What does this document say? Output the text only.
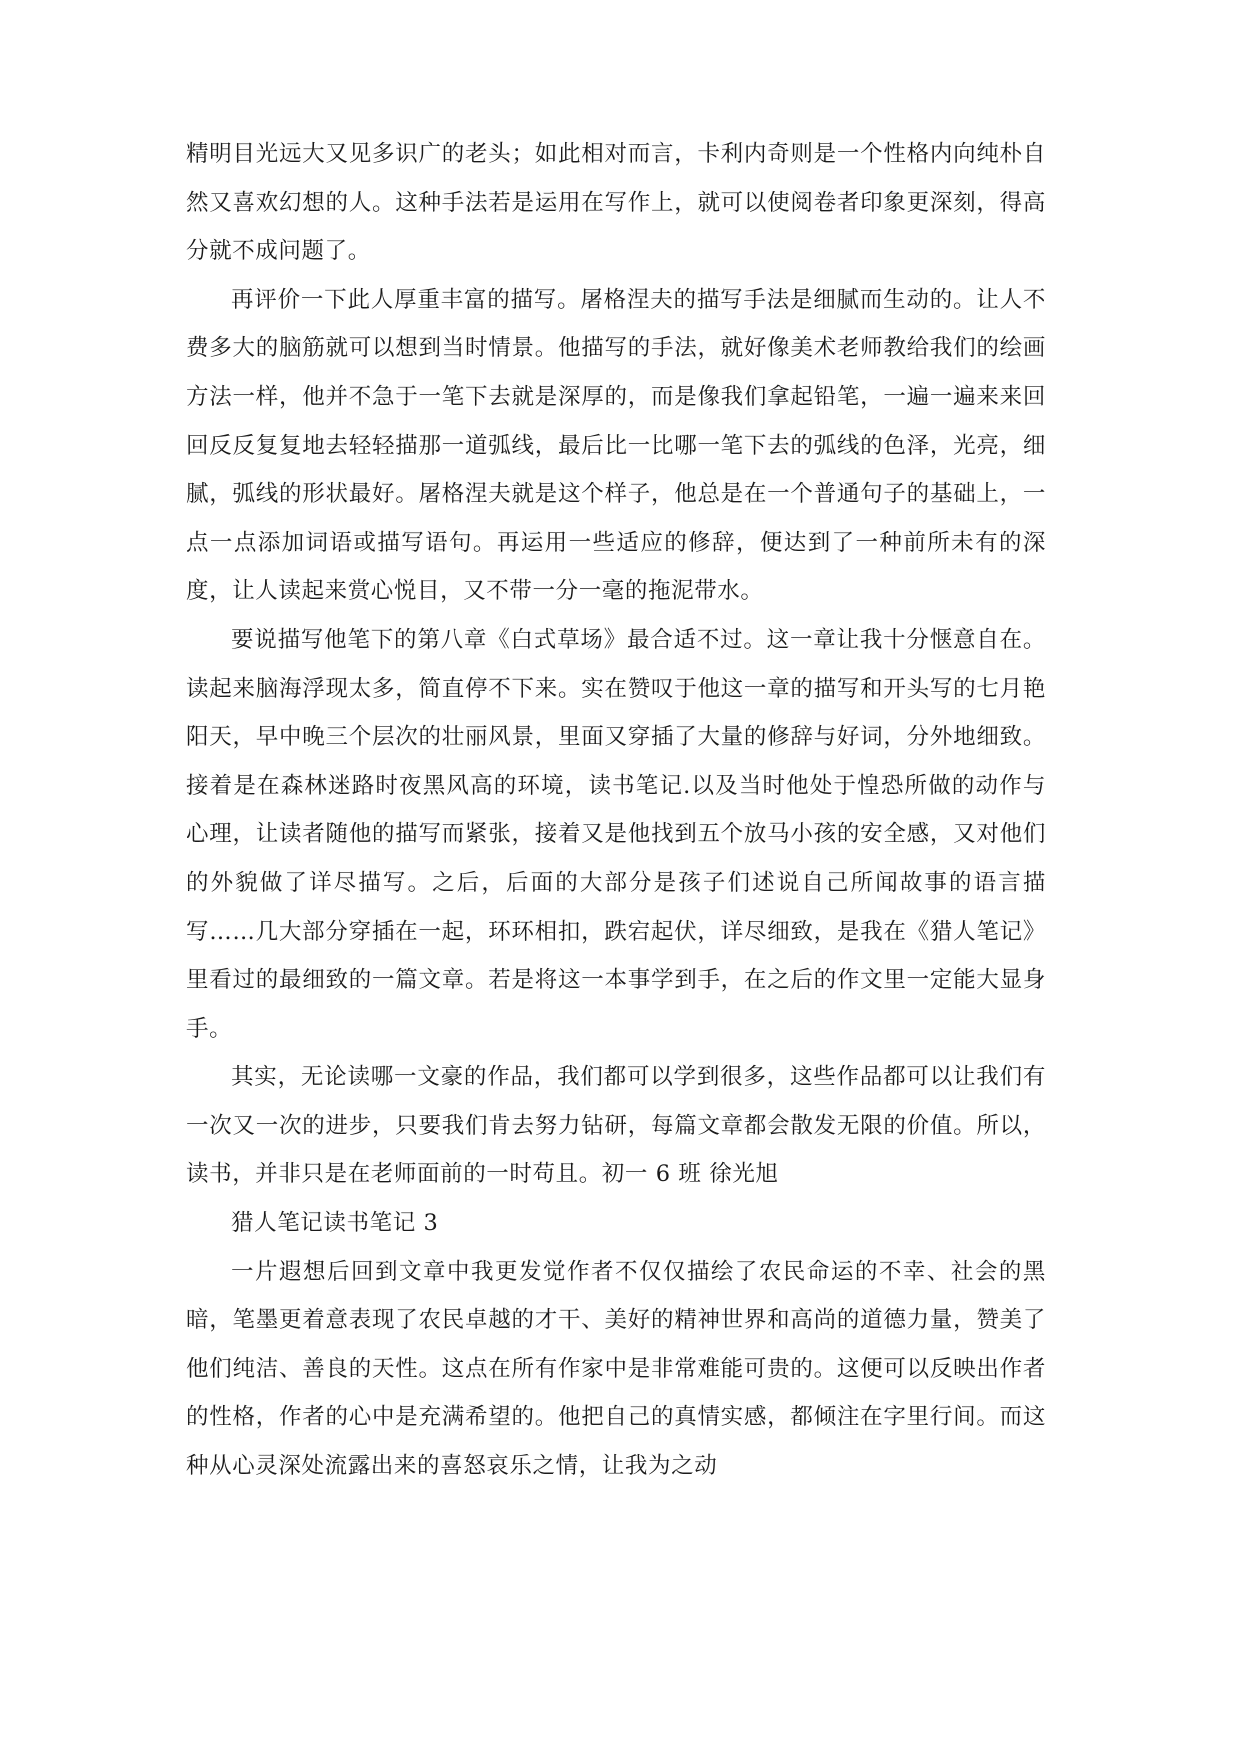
精明目光远大又见多识广的老头；如此相对而言，卡利内奇则是一个性格内向纯朴自然又喜欢幻想的人。这种手法若是运用在写作上，就可以使阅卷者印象更深刻，得高分就不成问题了。

再评价一下此人厚重丰富的描写。屠格涅夫的描写手法是细腻而生动的。让人不费多大的脑筋就可以想到当时情景。他描写的手法，就好像美术老师教给我们的绘画方法一样，他并不急于一笔下去就是深厚的，而是像我们拿起铅笔，一遍一遍来来回回反反复复地去轻轻描那一道弧线，最后比一比哪一笔下去的弧线的色泽，光亮，细腻，弧线的形状最好。屠格涅夫就是这个样子，他总是在一个普通句子的基础上，一点一点添加词语或描写语句。再运用一些适应的修辞，便达到了一种前所未有的深度，让人读起来赏心悦目，又不带一分一毫的拖泥带水。

要说描写他笔下的第八章《白式草场》最合适不过。这一章让我十分惬意自在。读起来脑海浮现太多，简直停不下来。实在赞叹于他这一章的描写和开头写的七月艳阳天，早中晚三个层次的壮丽风景，里面又穿插了大量的修辞与好词，分外地细致。接着是在森林迷路时夜黑风高的环境，读书笔记.以及当时他处于惶恐所做的动作与心理，让读者随他的描写而紧张，接着又是他找到五个放马小孩的安全感，又对他们的外貌做了详尽描写。之后，后面的大部分是孩子们述说自己所闻故事的语言描写……几大部分穿插在一起，环环相扣，跌宕起伏，详尽细致，是我在《猎人笔记》里看过的最细致的一篇文章。若是将这一本事学到手，在之后的作文里一定能大显身手。

其实，无论读哪一文豪的作品，我们都可以学到很多，这些作品都可以让我们有一次又一次的进步，只要我们肯去努力钻研，每篇文章都会散发无限的价值。所以，读书，并非只是在老师面前的一时苟且。初一 6 班 徐光旭

猎人笔记读书笔记 3

一片遐想后回到文章中我更发觉作者不仅仅描绘了农民命运的不幸、社会的黑暗，笔墨更着意表现了农民卓越的才干、美好的精神世界和高尚的道德力量，赞美了他们纯洁、善良的天性。这点在所有作家中是非常难能可贵的。这便可以反映出作者的性格，作者的心中是充满希望的。他把自己的真情实感，都倾注在字里行间。而这种从心灵深处流露出来的喜怒哀乐之情，让我为之动
